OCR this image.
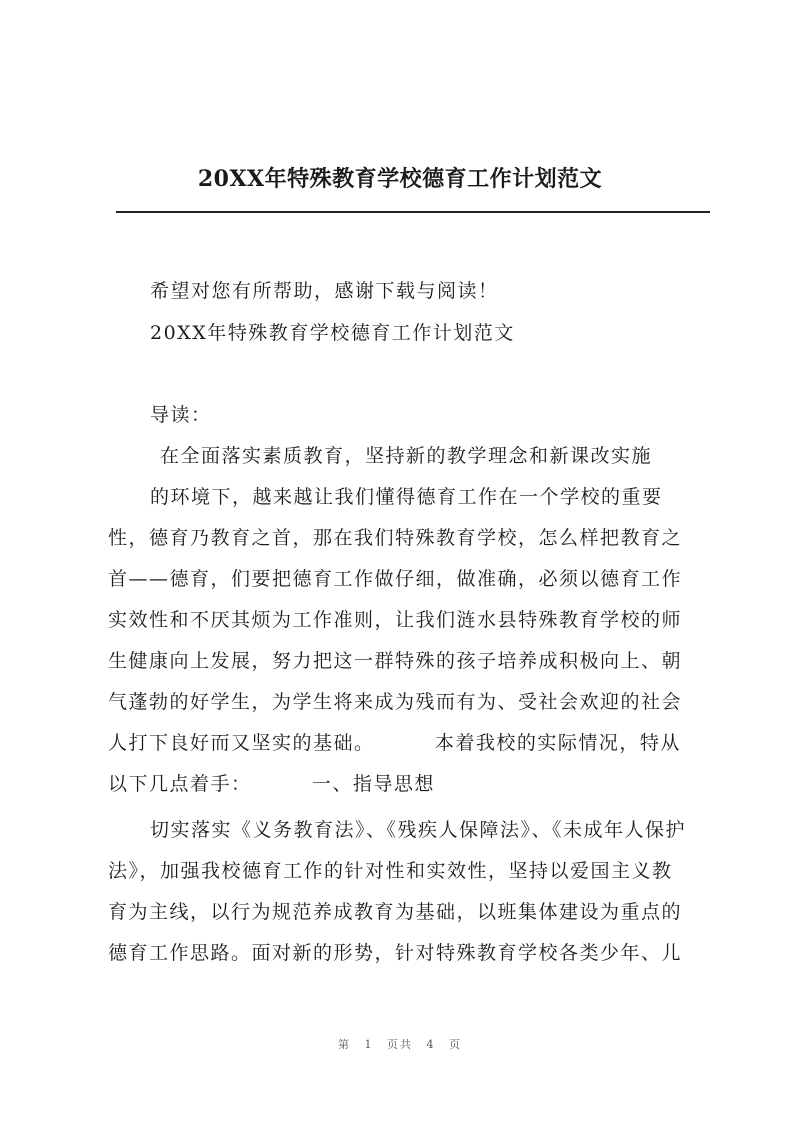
20XX年特殊教育学校德育工作计划范文
希望对您有所帮助，感谢下载与阅读！
20XX年特殊教育学校德育工作计划范文
导读：
在全面落实素质教育，坚持新的教学理念和新课改实施
的环境下，越来越让我们懂得德育工作在一个学校的重要
性，德育乃教育之首，那在我们特殊教育学校，怎么样把教育之
首——德育，们要把德育工作做仔细，做准确，必须以德育工作
实效性和不厌其烦为工作准则，让我们涟水县特殊教育学校的师
生健康向上发展，努力把这一群特殊的孩子培养成积极向上、朝
气蓬勃的好学生，为学生将来成为残而有为、受社会欢迎的社会
人打下良好而又坚实的基础。        本着我校的实际情况，特从
以下几点着手：        一、指导思想
切实落实《义务教育法》、《残疾人保障法》、《未成年人保护
法》，加强我校德育工作的针对性和实效性，坚持以爱国主义教
育为主线，以行为规范养成教育为基础，以班集体建设为重点的
德育工作思路。面对新的形势，针对特殊教育学校各类少年、儿
第 1 页共 4 页
